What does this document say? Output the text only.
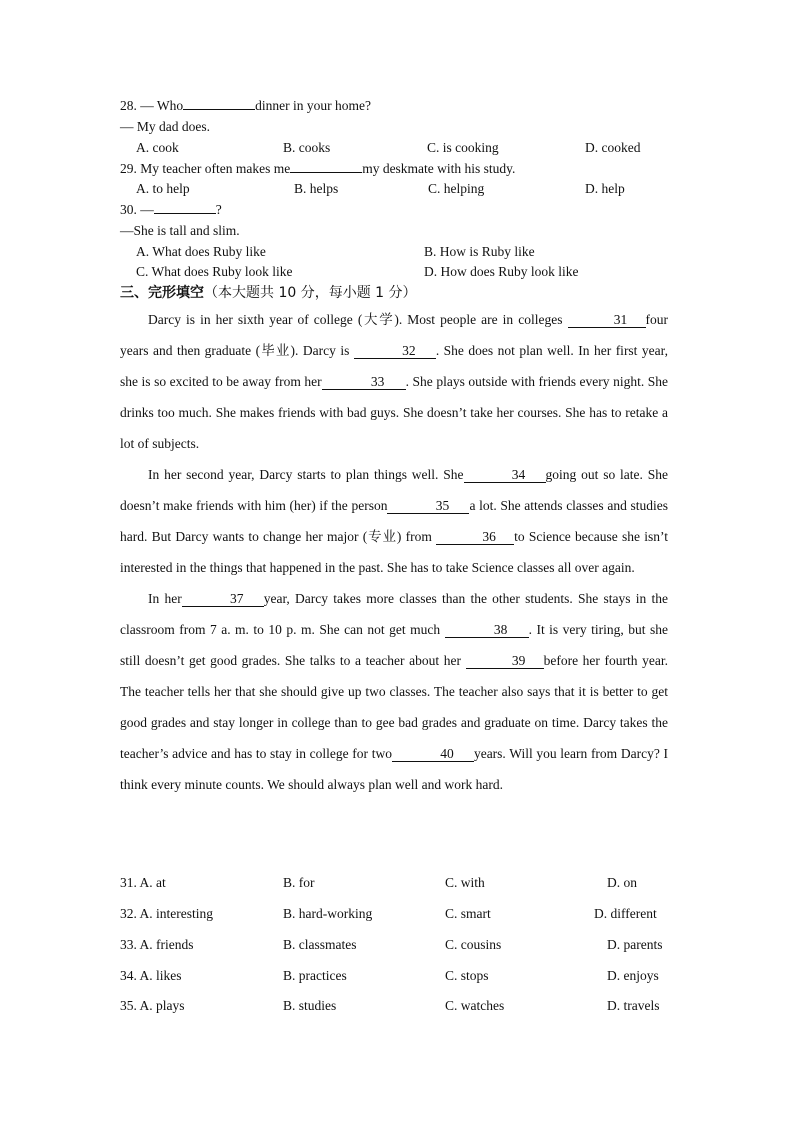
28. — Who	dinner in your home?
— My dad does.
A. cook	B. cooks	C. is cooking	D. cooked
29. My teacher often makes me	my deskmate with his study.
A. to help	B. helps	C. helping	D. help
30. —	?
—She is tall and slim.
A. What does Ruby like	B. How is Ruby like
C. What does Ruby look like	D. How does Ruby look like
三、完形填空（本大题共 10 分，每小题 1 分）

Darcy is in her sixth year of college (大学). Most people are in colleges	31 four years and then graduate (毕业). Darcy is	32 . She does not plan well. In her first year, she is so excited to be away from her	33 . She plays outside with friends every night. She drinks too much. She makes friends with bad guys. She doesn’t take her courses. She has to retake a lot of subjects.

In her second year, Darcy starts to plan things well. She	34 going out so late. She doesn’t make friends with him (her) if the person	35 a lot. She attends classes and studies hard. But Darcy wants to change her major (专业) from	36 to Science because she isn’t interested in the things that happened in the past. She has to take Science classes all over again.

In her	37 year, Darcy takes more classes than the other students. She stays in the classroom from 7 a. m. to 10 p. m. She can not get much	38 . It is very tiring, but she still doesn’t get good grades. She talks to a teacher about her	39 before her fourth year. The teacher tells her that she should give up two classes. The teacher also says that it is better to get good grades and stay longer in college than to gee bad grades and graduate on time. Darcy takes the teacher’s advice and has to stay in college for two	40 years. Will you learn from Darcy? I think every minute counts. We should always plan well and work hard.

31. A. at	B. for	C. with	D. on
32. A. interesting	B. hard-working	C. smart	D. different
33. A. friends	B. classmates	C. cousins	D. parents
34. A. likes	B. practices	C. stops	D. enjoys
35. A. plays	B. studies	C. watches	D. travels
